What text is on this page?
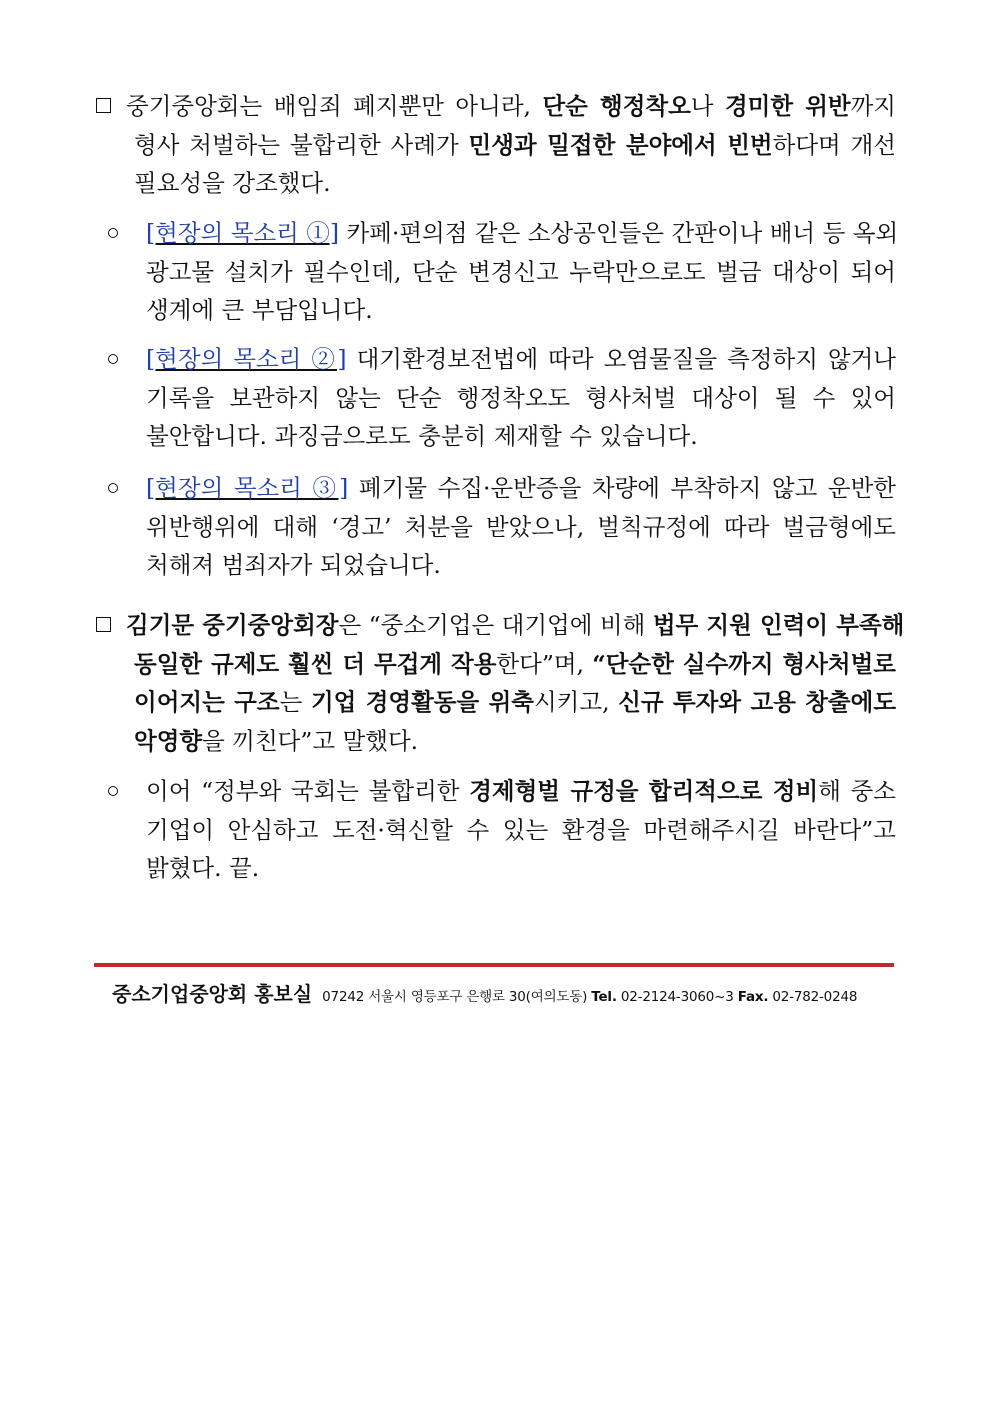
중기중앙회는 배임죄 폐지뿐만 아니라, 단순 행정착오나 경미한 위반까지
형사 처벌하는 불합리한 사례가 민생과 밀접한 분야에서 빈번하다며 개선
필요성을 강조했다.
[현장의 목소리 ①] 카페·편의점 같은 소상공인들은 간판이나 배너 등 옥외
광고물 설치가 필수인데, 단순 변경신고 누락만으로도 벌금 대상이 되어
생계에 큰 부담입니다.
[현장의 목소리 ②] 대기환경보전법에 따라 오염물질을 측정하지 않거나
기록을 보관하지 않는 단순 행정착오도 형사처벌 대상이 될 수 있어
불안합니다. 과징금으로도 충분히 제재할 수 있습니다.
[현장의 목소리 ③] 폐기물 수집·운반증을 차량에 부착하지 않고 운반한
위반행위에 대해 ‘경고’ 처분을 받았으나, 벌칙규정에 따라 벌금형에도
처해져 범죄자가 되었습니다.
김기문 중기중앙회장은 “중소기업은 대기업에 비해 법무 지원 인력이 부족해
동일한 규제도 훨씬 더 무겁게 작용한다”며, “단순한 실수까지 형사처벌로
이어지는 구조는 기업 경영활동을 위축시키고, 신규 투자와 고용 창출에도
악영향을 끼친다”고 말했다.
이어 “정부와 국회는 불합리한 경제형벌 규정을 합리적으로 정비해 중소
기업이 안심하고 도전·혁신할 수 있는 환경을 마련해주시길 바란다”고
밝혔다. 끝.
중소기업중앙회 홍보실 07242 서울시 영등포구 은행로 30(여의도동) Tel. 02-2124-3060~3 Fax. 02-782-0248
